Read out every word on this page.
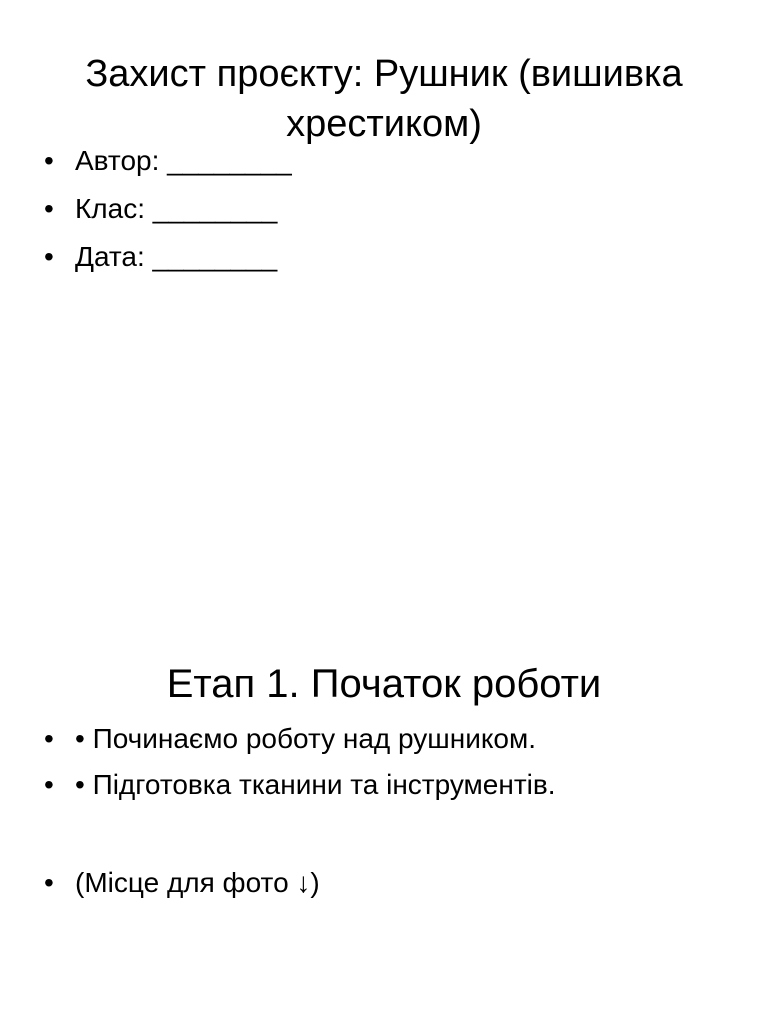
Захист проєкту: Рушник (вишивка хрестиком)
• Автор: ________
• Клас: ________
• Дата: ________
Етап 1. Початок роботи
• • Починаємо роботу над рушником.
• • Підготовка тканини та інструментів.
• (Місце для фото ↓)
